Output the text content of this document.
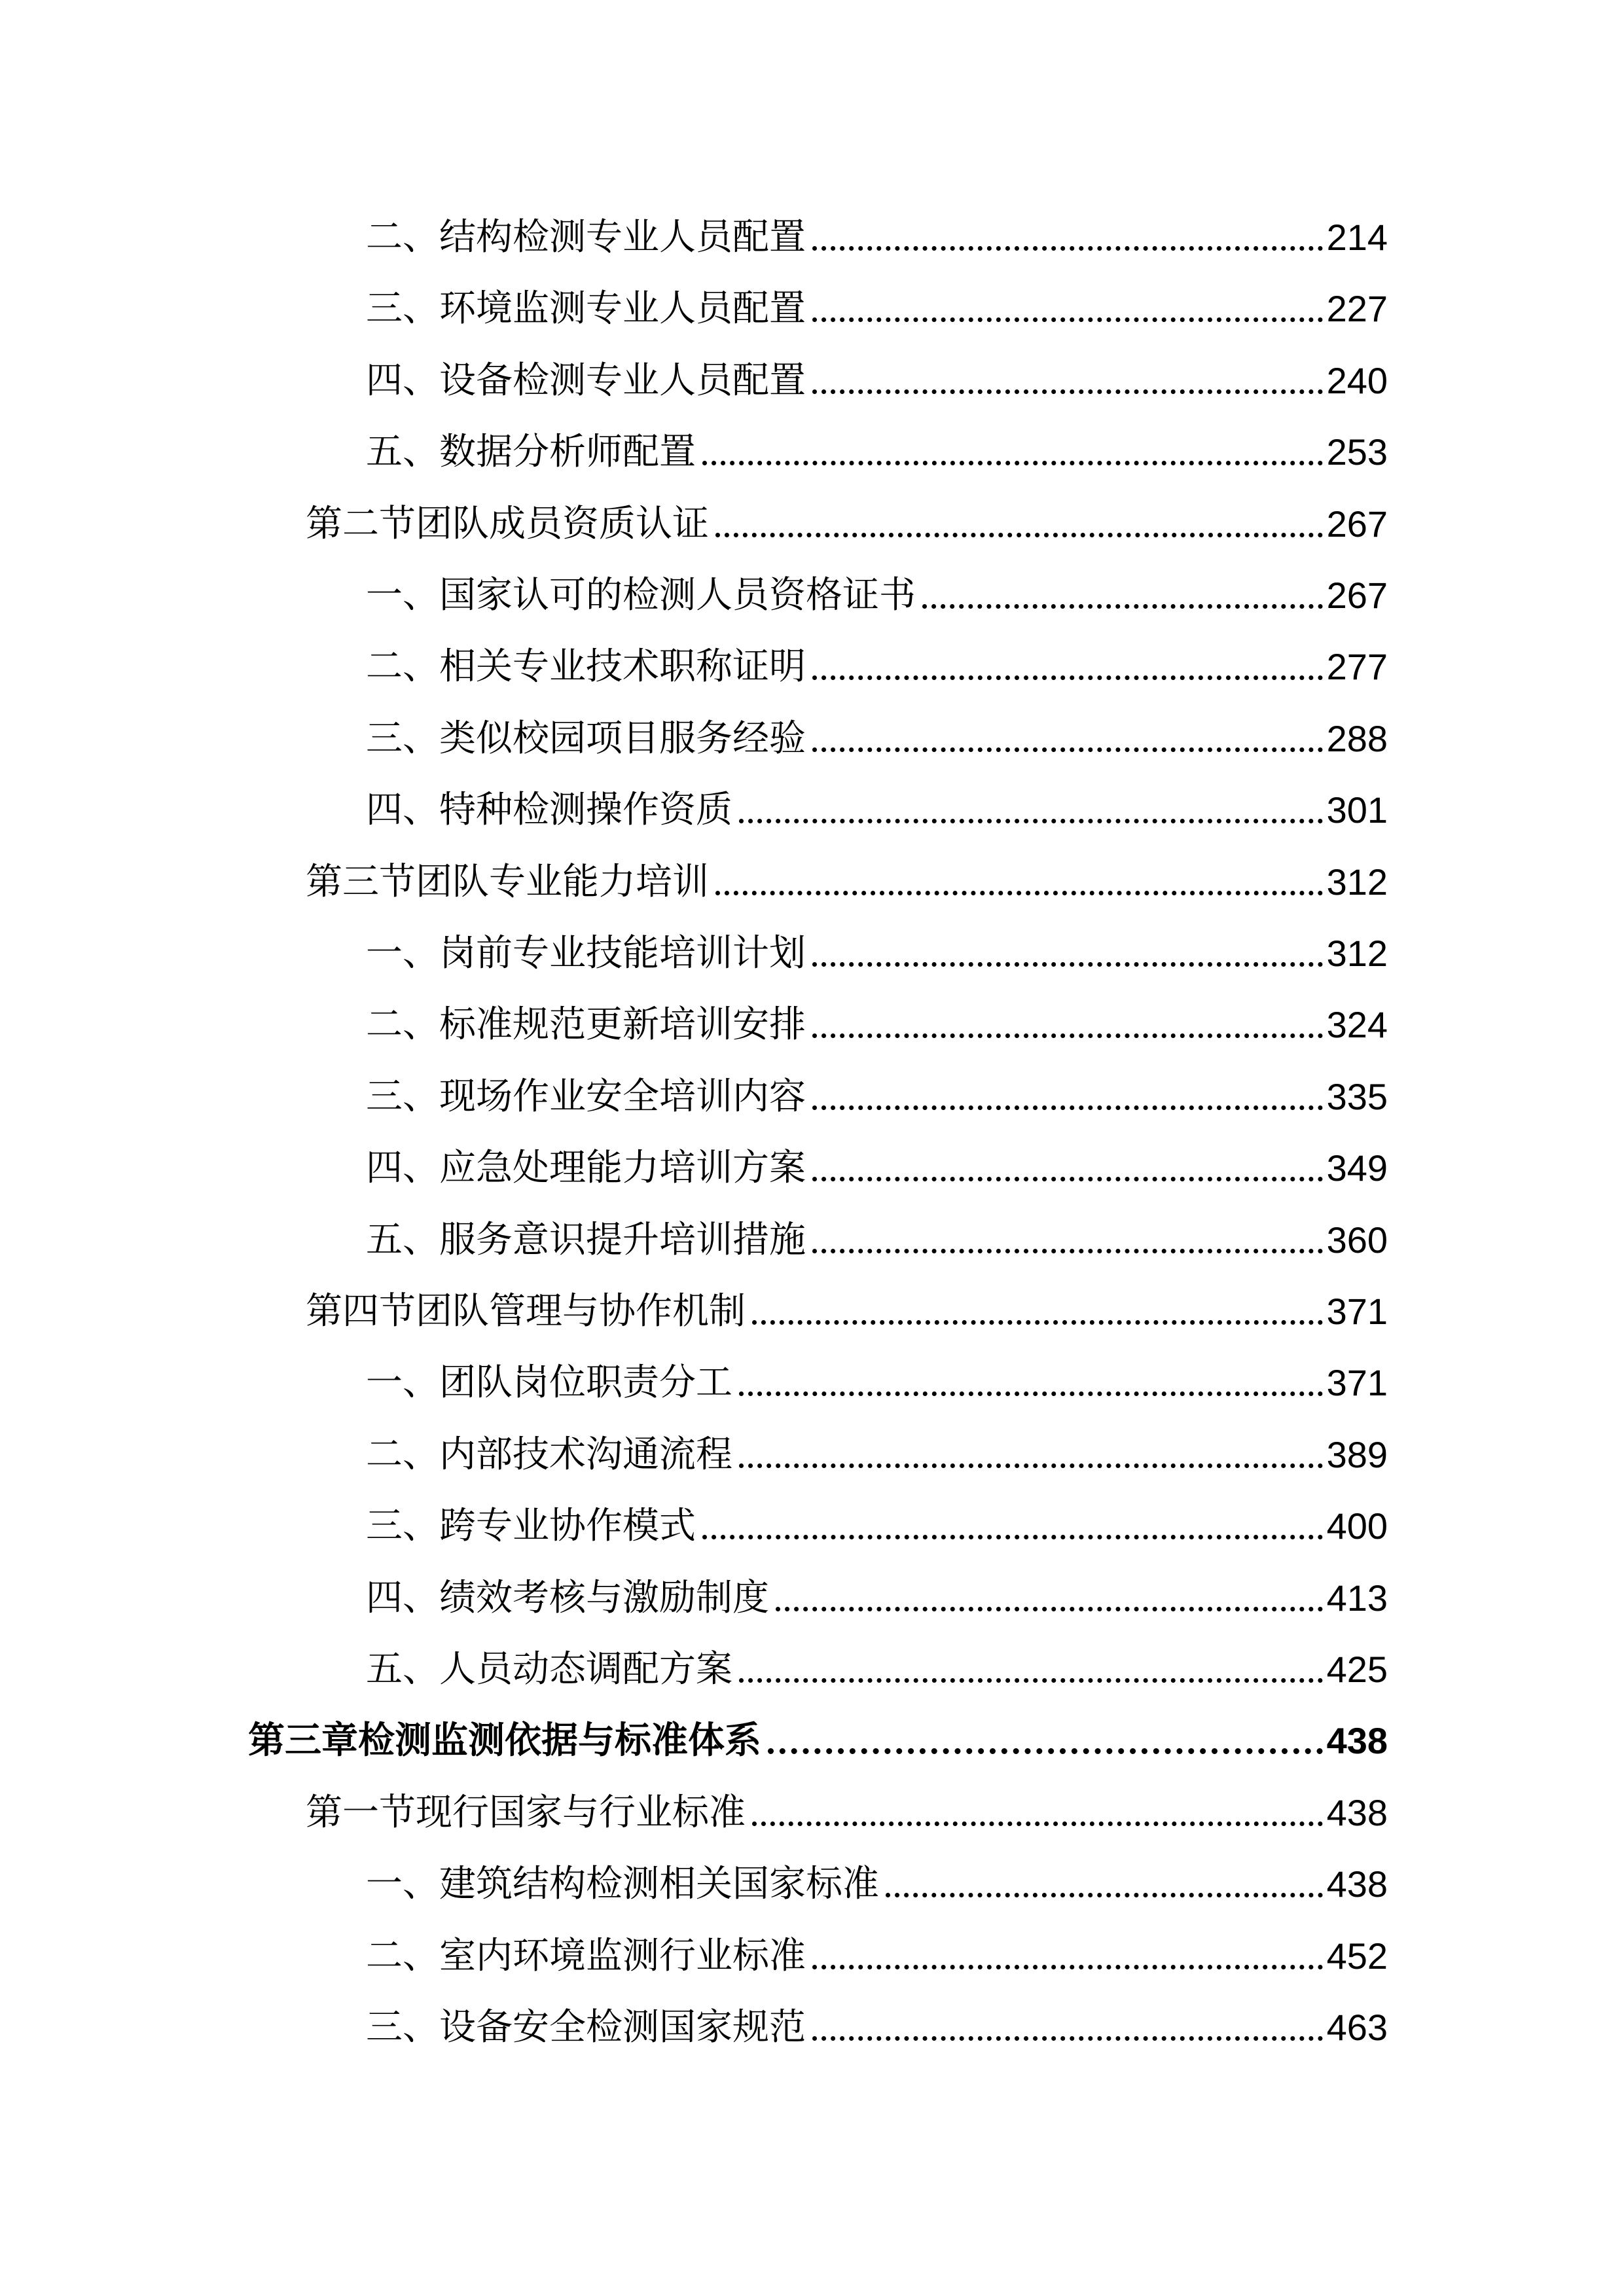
二、结构检测专业人员配置	214
三、环境监测专业人员配置	227
四、设备检测专业人员配置	240
五、数据分析师配置	253
第二节团队成员资质认证	267
一、国家认可的检测人员资格证书	267
二、相关专业技术职称证明	277
三、类似校园项目服务经验	288
四、特种检测操作资质	301
第三节团队专业能力培训	312
一、岗前专业技能培训计划	312
二、标准规范更新培训安排	324
三、现场作业安全培训内容	335
四、应急处理能力培训方案	349
五、服务意识提升培训措施	360
第四节团队管理与协作机制	371
一、团队岗位职责分工	371
二、内部技术沟通流程	389
三、跨专业协作模式	400
四、绩效考核与激励制度	413
五、人员动态调配方案	425
第三章检测监测依据与标准体系	438
第一节现行国家与行业标准	438
一、建筑结构检测相关国家标准	438
二、室内环境监测行业标准	452
三、设备安全检测国家规范	463
